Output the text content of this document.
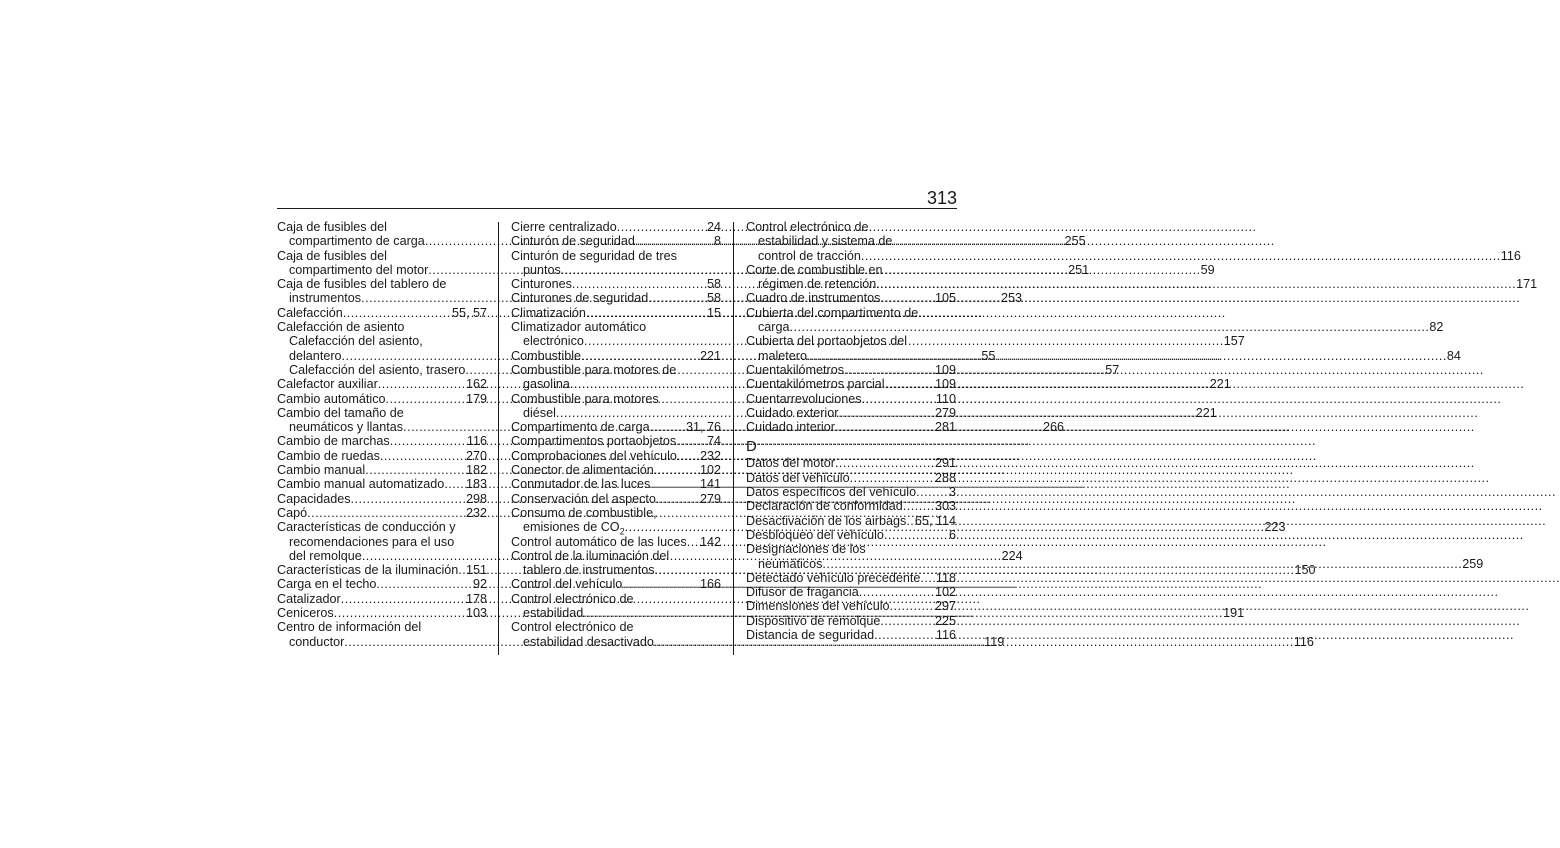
313
Caja de fusibles del
compartimento de carga .....	255
Caja de fusibles del
compartimento del motor .....	251
Caja de fusibles del tablero de
instrumentos .....	253
Calefacción .....	55, 57
Calefacción de asiento
Calefacción del asiento,
delantero .....	55
Calefacción del asiento, trasero .....	57
Calefactor auxiliar .....	162
Cambio automático .....	179
Cambio del tamaño de
neumáticos y llantas .....	266
Cambio de marchas .....	116
Cambio de ruedas .....	270
Cambio manual .....	182
Cambio manual automatizado ..... 183
Capacidades .....	298
Capó .....	232
Características de conducción y
recomendaciones para el uso
del remolque .....	224
Características de la iluminación ..... 151
Carga en el techo .....	92
Catalizador .....	178
Ceniceros .....	103
Centro de información del
conductor .....	119
Cierre centralizado .....	24
Cinturón de seguridad .....	8
Cinturón de seguridad de tres
puntos .....	59
Cinturones .....	58
Cinturones de seguridad .....	58
Climatización .....	15
Climatizador automático
electrónico .....	157
Combustible .....	221
Combustible para motores de
gasolina .....	221
Combustible para motores
diésel .....	221
Compartimento de carga .....	31, 76
Compartimentos portaobjetos ..... 74
Comprobaciones del vehículo ..... 232
Conector de alimentación .....	102
Conmutador de las luces .....	141
Conservación del aspecto .....	279
Consumo de combustible,
emisiones de $CO_2$ .....	223
Control automático de las luces ..... 142
Control de la iluminación del
tablero de instrumentos .....	150
Control del vehículo .....	166
Control electrónico de
estabilidad .....	191
Control electrónico de
estabilidad desactivado .....	116
Control electrónico de
estabilidad y sistema de
control de tracción .....	116
Corte de combustible en
régimen de retención .....	171
Cuadro de instrumentos .....	105
Cubierta del compartimento de
carga .....	82
Cubierta del portaobjetos del
maletero .....	84
Cuentakilómetros .....	109
Cuentakilómetros parcial .....	109
Cuentarrevoluciones .....	110
Cuidado exterior .....	279
Cuidado interior .....	281
D
Datos del motor .....	291
Datos del vehículo .....	288
Datos específicos del vehículo .....	3
Declaración de conformidad .....	303
Desactivación de los airbags ..... 65, 114
Desbloqueo del vehículo .....	6
Designaciones de los
neumáticos .....	259
Detectado vehículo precedente ..... 118
Difusor de fragancia .....	102
Dimensiones del vehículo .....	297
Dispositivo de remolque .....	225
Distancia de seguridad .....	116
